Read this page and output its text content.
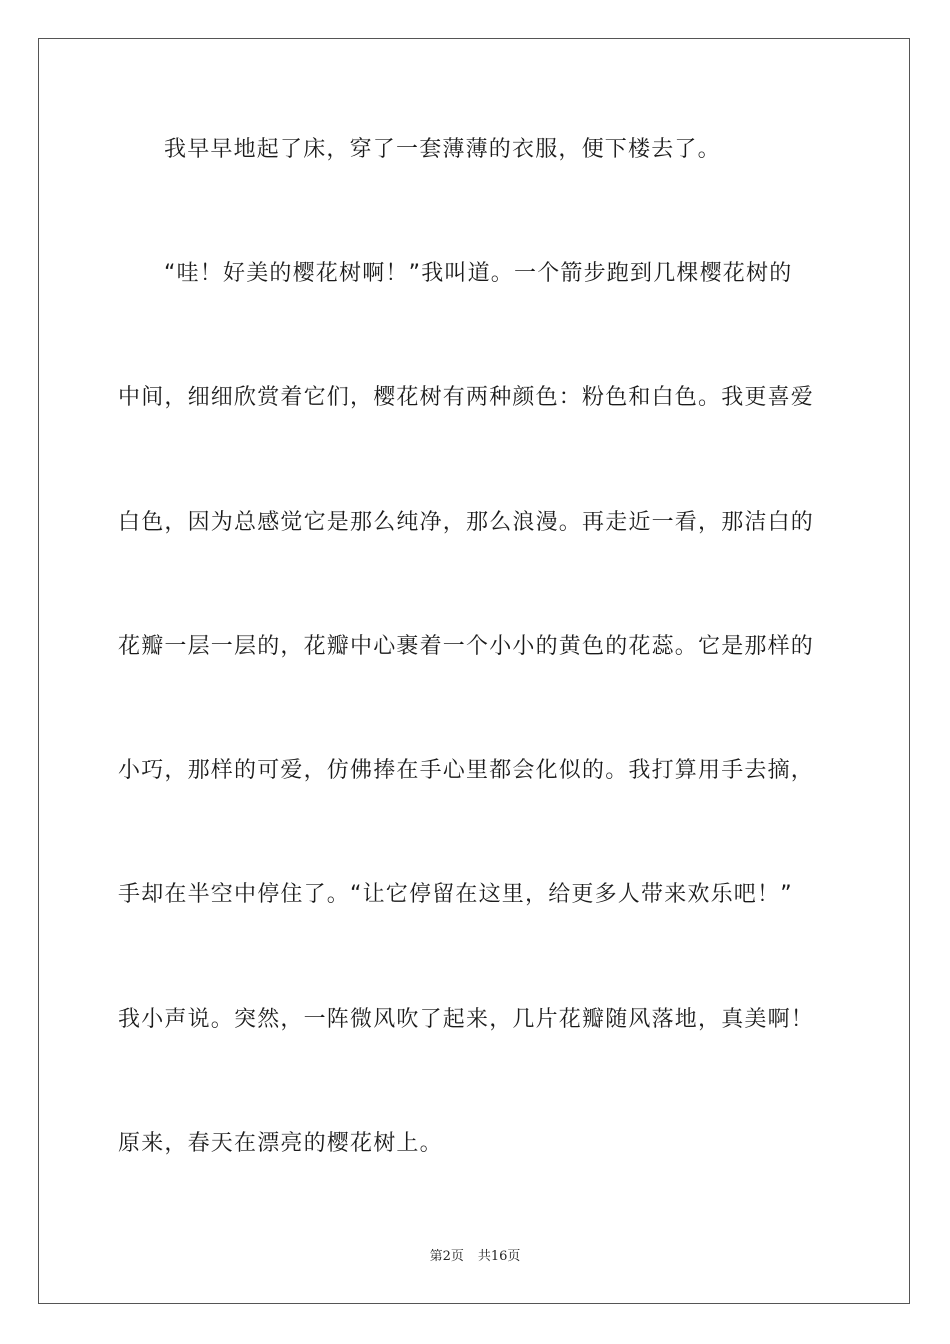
我早早地起了床，穿了一套薄薄的衣服，便下楼去了。
“哇！好美的樱花树啊！”我叫道。一个箭步跑到几棵樱花树的
中间，细细欣赏着它们，樱花树有两种颜色：粉色和白色。我更喜爱
白色，因为总感觉它是那么纯净，那么浪漫。再走近一看，那洁白的
花瓣一层一层的，花瓣中心裹着一个小小的黄色的花蕊。它是那样的
小巧，那样的可爱，仿佛捧在手心里都会化似的。我打算用手去摘，
手却在半空中停住了。“让它停留在这里，给更多人带来欢乐吧！”
我小声说。突然，一阵微风吹了起来，几片花瓣随风落地，真美啊！
原来，春天在漂亮的樱花树上。
第2页 共16页
